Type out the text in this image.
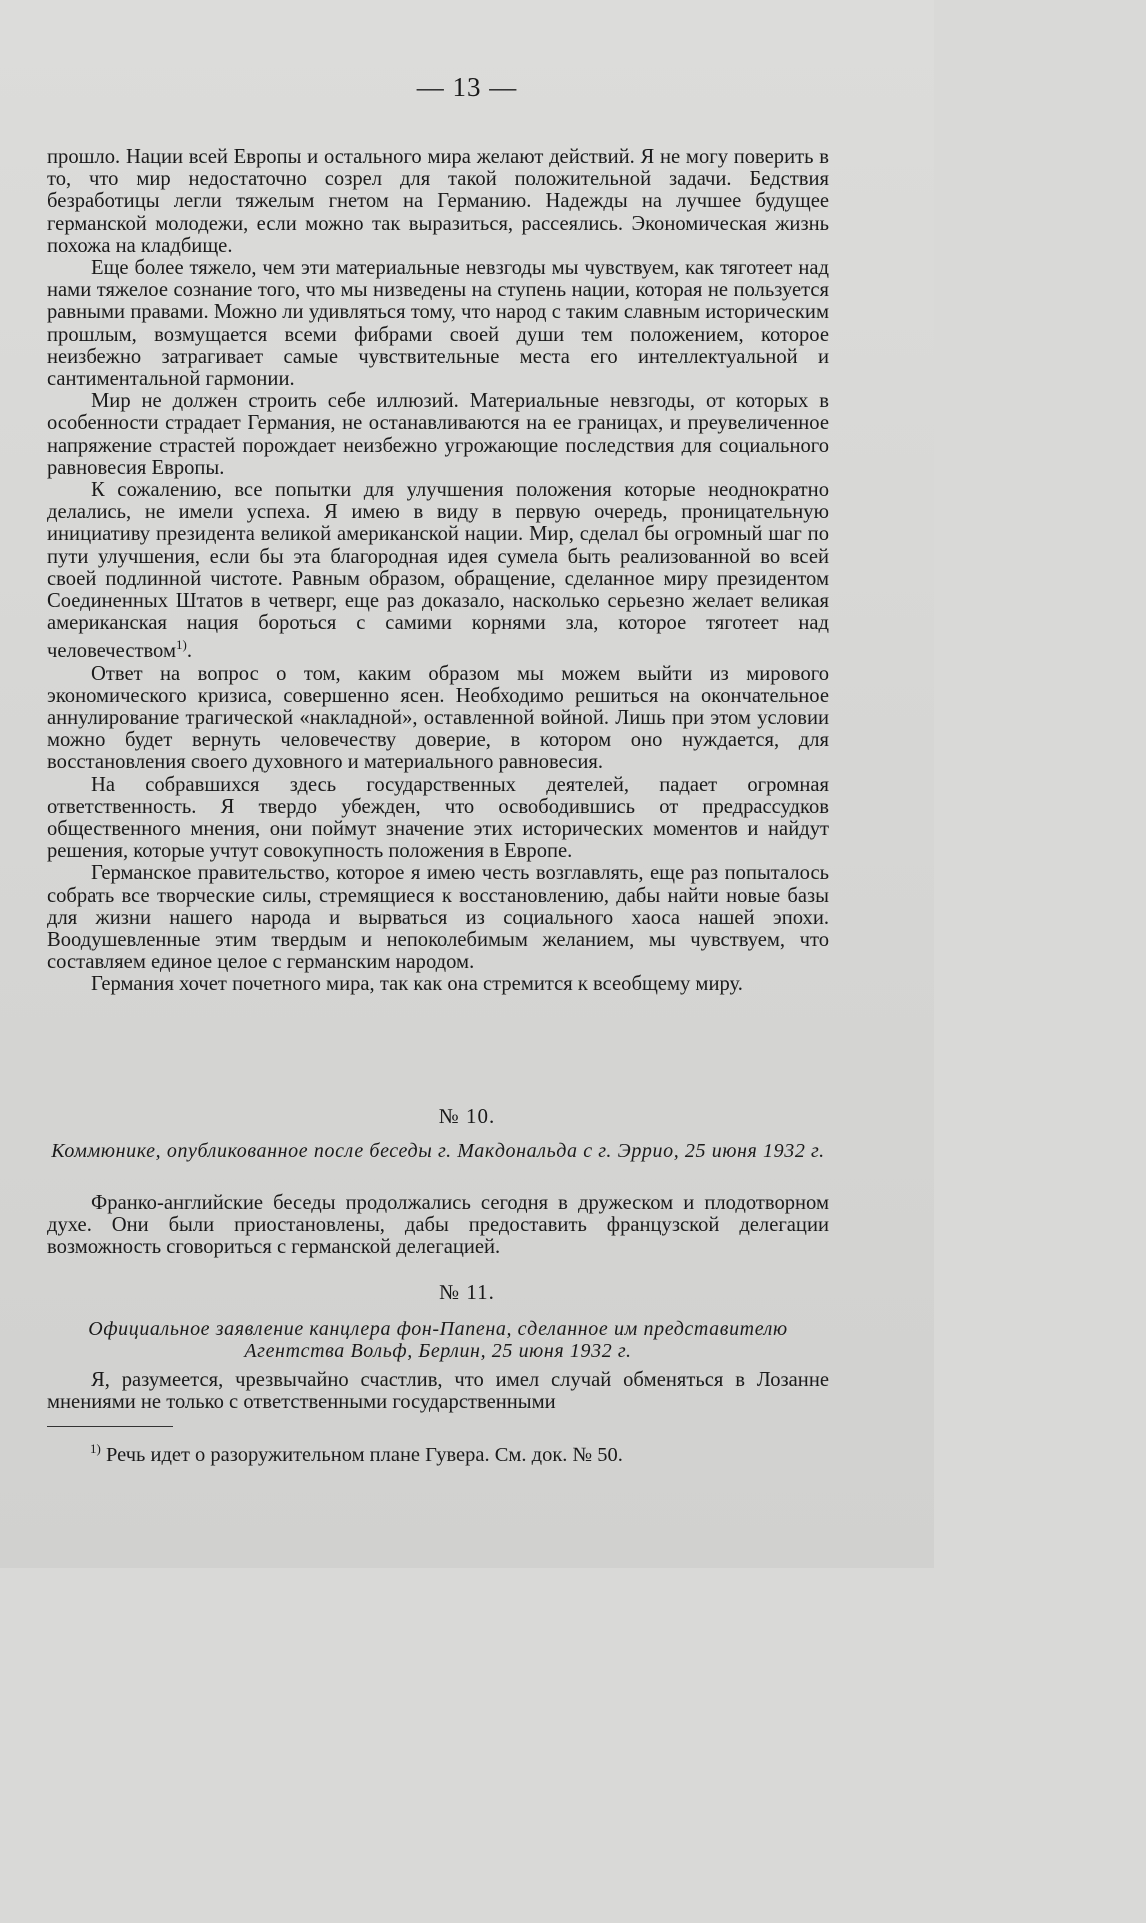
— 13 —

прошло. Нации всей Европы и остального мира желают действий. Я не могу поверить в то, что мир недостаточно созрел для такой положительной задачи. Бедствия безработицы легли тяжелым гнетом на Германию. Надежды на лучшее будущее германской молодежи, если можно так выразиться, рассеялись. Экономическая жизнь похожа на кладбище.

Еще более тяжело, чем эти материальные невзгоды мы чувствуем, как тяготеет над нами тяжелое сознание того, что мы низведены на ступень нации, которая не пользуется равными правами. Можно ли удивляться тому, что народ с таким славным историческим прошлым, возмущается всеми фибрами своей души тем положением, которое неизбежно затрагивает самые чувствительные места его интеллектуальной и сантиментальной гармонии.

Мир не должен строить себе иллюзий. Материальные невзгоды, от которых в особенности страдает Германия, не останавливаются на ее границах, и преувеличенное напряжение страстей порождает неизбежно угрожающие последствия для социального равновесия Европы.

К сожалению, все попытки для улучшения положения которые неоднократно делались, не имели успеха. Я имею в виду в первую очередь, проницательную инициативу президента великой американской нации. Мир, сделал бы огромный шаг по пути улучшения, если бы эта благородная идея сумела быть реализованной во всей своей подлинной чистоте. Равным образом, обращение, сделанное миру президентом Соединенных Штатов в четверг, еще раз доказало, насколько серьезно желает великая американская нация бороться с самими корнями зла, которое тяготеет над человечеством$^{1)}$.

Ответ на вопрос о том, каким образом мы можем выйти из мирового экономического кризиса, совершенно ясен. Необходимо решиться на окончательное аннулирование трагической «накладной», оставленной войной. Лишь при этом условии можно будет вернуть человечеству доверие, в котором оно нуждается, для восстановления своего духовного и материального равновесия.

На собравшихся здесь государственных деятелей, падает огромная ответственность. Я твердо убежден, что освободившись от предрассудков общественного мнения, они поймут значение этих исторических моментов и найдут решения, которые учтут совокупность положения в Европе.

Германское правительство, которое я имею честь возглавлять, еще раз попыталось собрать все творческие силы, стремящиеся к восстановлению, дабы найти новые базы для жизни нашего народа и вырваться из социального хаоса нашей эпохи. Воодушевленные этим твердым и непоколебимым желанием, мы чувствуем, что составляем единое целое с германским народом.

Германия хочет почетного мира, так как она стремится к всеобщему миру.

№ 10.
Коммюнике, опубликованное после беседы г. Макдональда с г. Эррио, 25 июня 1932 г.

Франко-английские беседы продолжались сегодня в дружеском и плодотворном духе. Они были приостановлены, дабы предоставить французской делегации возможность сговориться с германской делегацией.

№ 11.
Официальное заявление канцлера фон-Папена, сделанное им представителю Агентства Вольф, Берлин, 25 июня 1932 г.

Я, разумеется, чрезвычайно счастлив, что имел случай обменяться в Лозанне мнениями не только с ответственными государственными

$^{1)}$ Речь идет о разоружительном плане Гувера. См. док. № 50.
